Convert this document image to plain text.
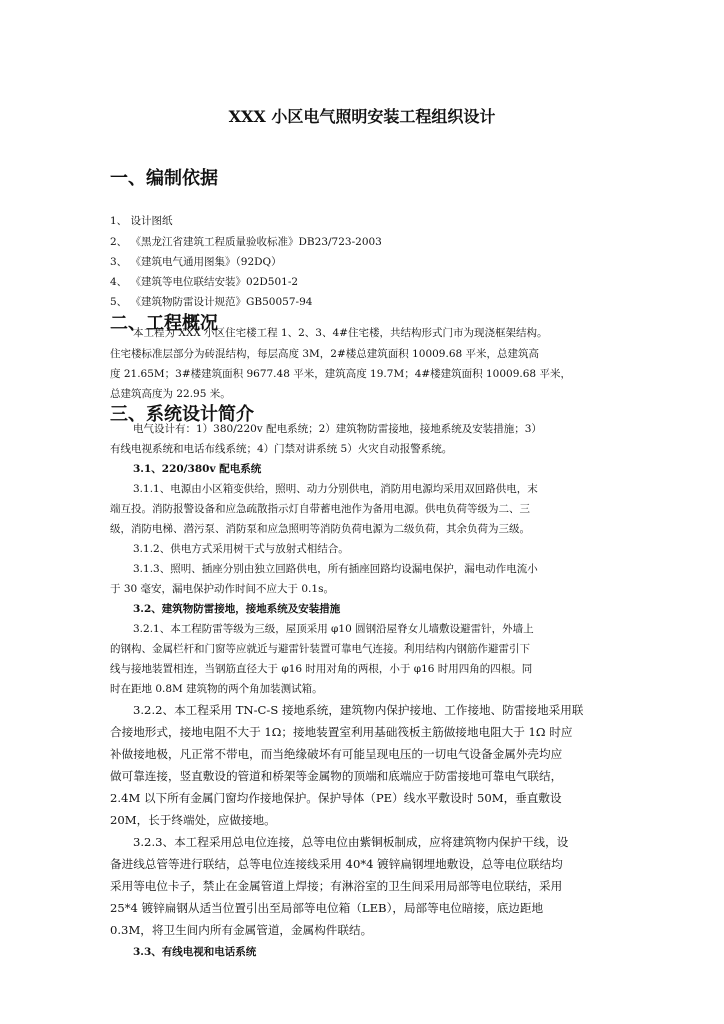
XXX 小区电气照明安装工程组织设计
一、编制依据
1、 设计图纸
2、 《黑龙江省建筑工程质量验收标准》DB23/723-2003
3、 《建筑电气通用图集》（92DQ）
4、 《建筑等电位联结安装》02D501-2
5、 《建筑物防雷设计规范》GB50057-94
二、工程概况
本工程为 XXX 小区住宅楼工程 1、2、3、4#住宅楼，共结构形式门市为现浇框架结构。
住宅楼标准层部分为砖混结构，每层高度 3M，2#楼总建筑面积 10009.68 平米，总建筑高
度 21.65M；3#楼建筑面积 9677.48 平米，建筑高度 19.7M；4#楼建筑面积 10009.68 平米，
总建筑高度为 22.95 米。
三、系统设计简介
电气设计有：1）380/220v 配电系统；2）建筑物防雷接地，接地系统及安装措施；3）
有线电视系统和电话布线系统；4）门禁对讲系统 5）火灾自动报警系统。
3.1、220/380v 配电系统
3.1.1、电源由小区箱变供给，照明、动力分别供电，消防用电源均采用双回路供电，末
端互投。消防报警设备和应急疏散指示灯自带蓄电池作为备用电源。供电负荷等级为二、三
级，消防电梯、潜污泵、消防泵和应急照明等消防负荷电源为二级负荷，其余负荷为三级。
3.1.2、供电方式采用树干式与放射式相结合。
3.1.3、照明、插座分别由独立回路供电，所有插座回路均设漏电保护，漏电动作电流小
于 30 毫安，漏电保护动作时间不应大于 0.1s。
3.2、建筑物防雷接地，接地系统及安装措施
3.2.1、本工程防雷等级为三级，屋顶采用 φ10 圆钢沿屋脊女儿墙敷设避雷针，外墙上
的钢构、金属栏杆和门窗等应就近与避雷针装置可靠电气连接。利用结构内钢筋作避雷引下
线与接地装置相连，当钢筋直径大于 φ16 时用对角的两根，小于 φ16 时用四角的四根。同
时在距地 0.8M 建筑物的两个角加装测试箱。
3.2.2、本工程采用 TN-C-S 接地系统，建筑物内保护接地、工作接地、防雷接地采用联
合接地形式，接地电阻不大于 1Ω；接地装置室利用基础筏板主筋做接地电阻大于 1Ω 时应
补做接地极，凡正常不带电，而当绝缘破坏有可能呈现电压的一切电气设备金属外壳均应
做可靠连接，竖直敷设的管道和桥架等金属物的顶端和底端应于防雷接地可靠电气联结，
2.4M 以下所有金属门窗均作接地保护。保护导体（PE）线水平敷设时 50M，垂直敷设
20M，长于终端处，应做接地。
3.2.3、本工程采用总电位连接，总等电位由紫铜板制成，应将建筑物内保护干线，设
备进线总管等进行联结，总等电位连接线采用 40*4 镀锌扁钢埋地敷设，总等电位联结均
采用等电位卡子，禁止在金属管道上焊接；有淋浴室的卫生间采用局部等电位联结，采用
25*4 镀锌扁钢从适当位置引出至局部等电位箱（LEB），局部等电位暗接，底边距地
0.3M，将卫生间内所有金属管道，金属构件联结。
3.3、有线电视和电话系统
